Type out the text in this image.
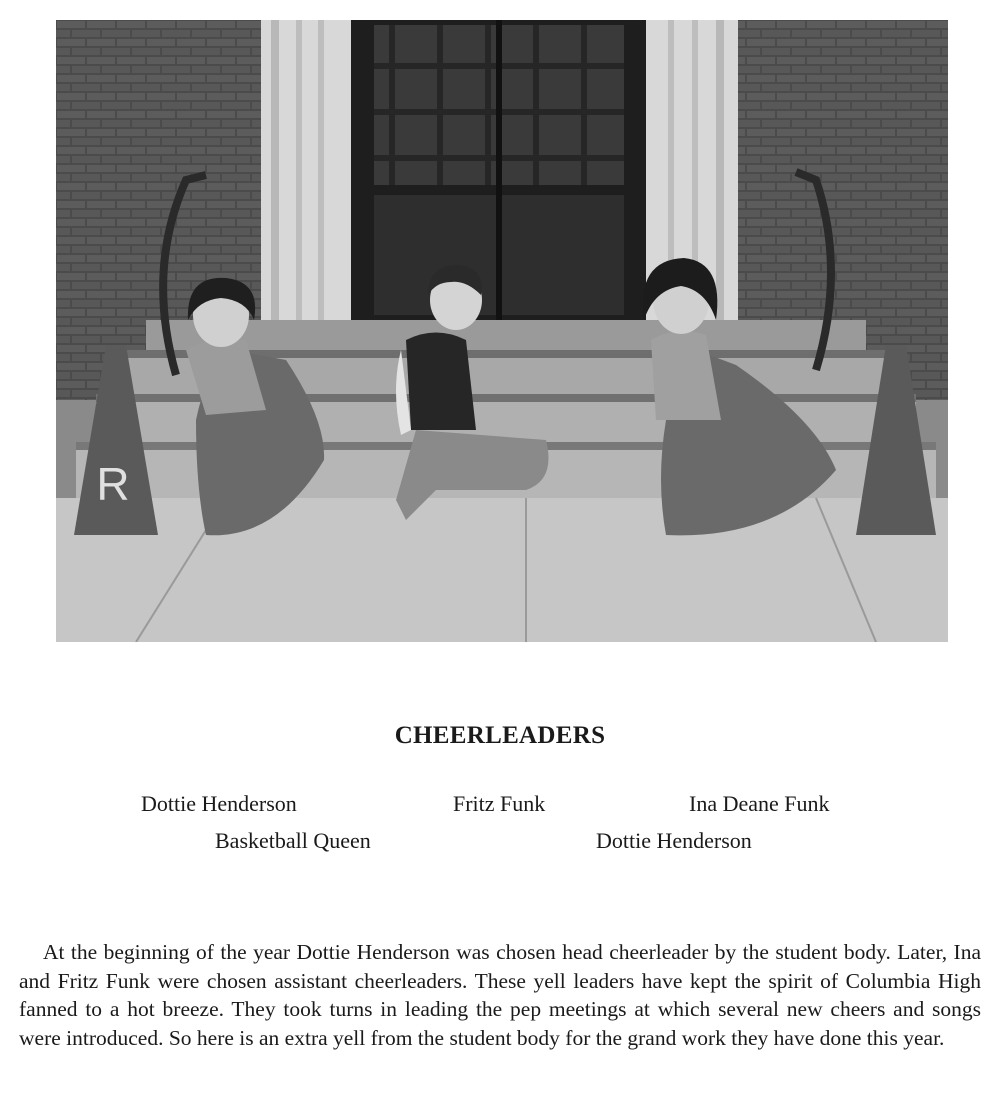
R
CHEERLEADERS
Dottie Henderson	Fritz Funk	Ina Deane Funk
Basketball Queen	Dottie Henderson
At the beginning of the year Dottie Henderson was chosen head cheerleader by the student body. Later, Ina and Fritz Funk were chosen assistant cheerleaders. These yell leaders have kept the spirit of Columbia High fanned to a hot breeze. They took turns in leading the pep meetings at which several new cheers and songs were introduced. So here is an extra yell from the student body for the grand work they have done this year.
